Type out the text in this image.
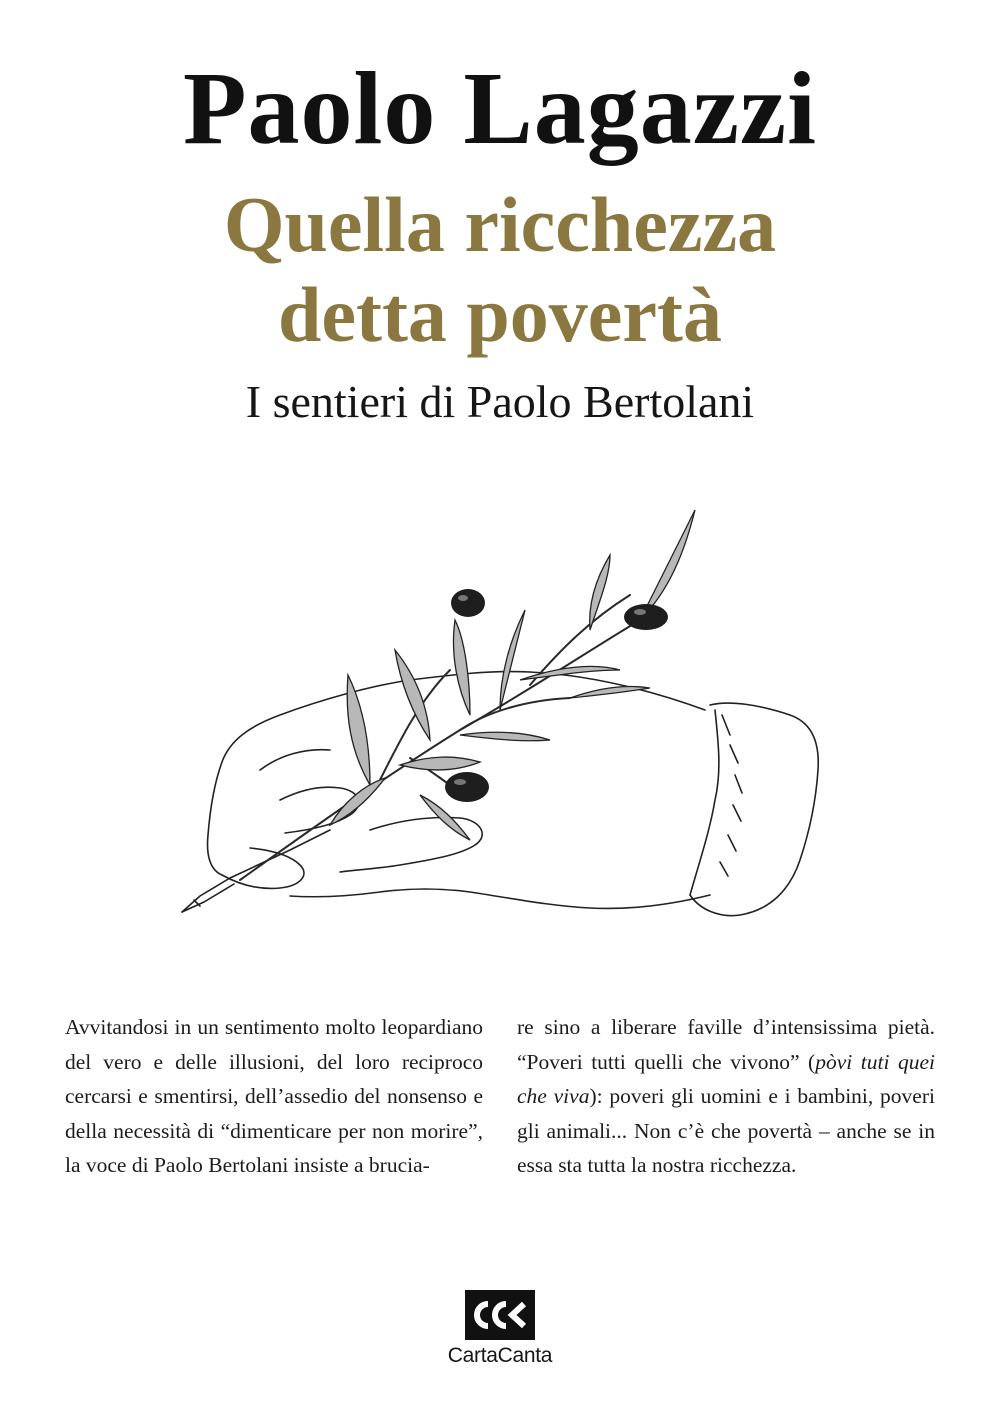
Paolo Lagazzi
Quella ricchezza
detta povertà
I sentieri di Paolo Bertolani

Avvitandosi in un sentimento molto leopardiano del vero e delle illusioni, del loro reciproco cercarsi e smentirsi, dell’assedio del nonsenso e della necessità di “dimenticare per non morire”, la voce di Paolo Bertolani insiste a brucia-

re sino a liberare faville d’intensissima pietà. “Poveri tutti quelli che vivono” (pòvi tuti quei che viva): poveri gli uomini e i bambini, poveri gli animali... Non c’è che povertà – anche se in essa sta tutta la nostra ricchezza.

CartaCanta
